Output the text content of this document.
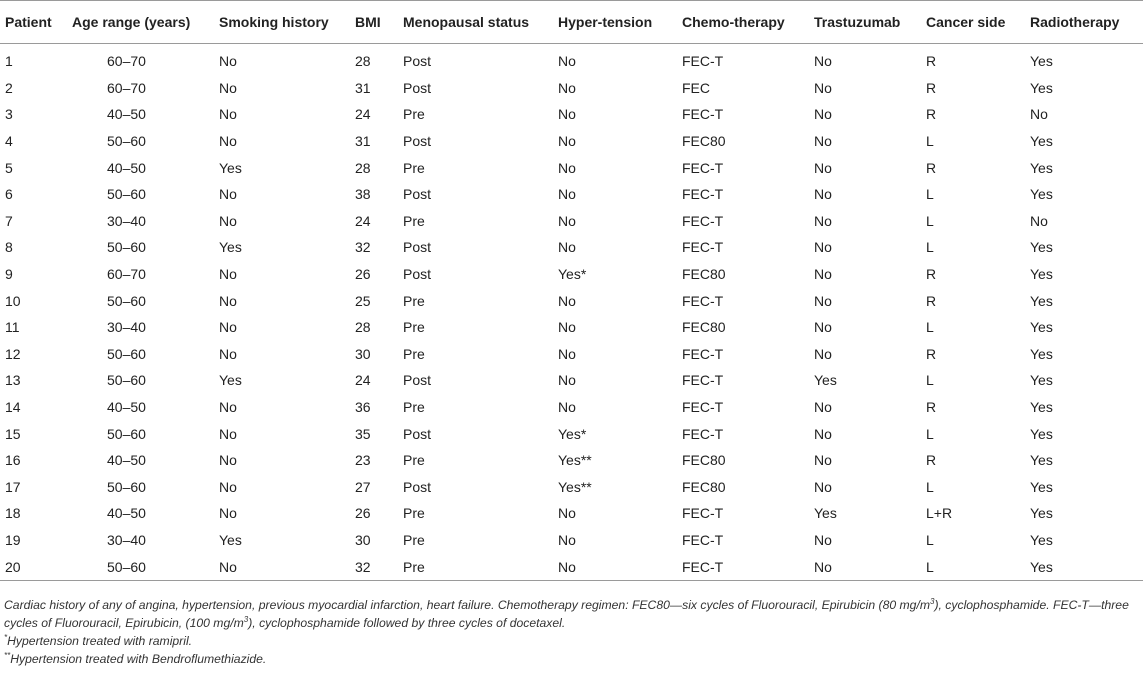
Patient	Age range (years)	Smoking history	BMI	Menopausal status	Hyper-tension	Chemo-therapy	Trastuzumab	Cancer side	Radiotherapy
1	60–70	No	28	Post	No	FEC-T	No	R	Yes
2	60–70	No	31	Post	No	FEC	No	R	Yes
3	40–50	No	24	Pre	No	FEC-T	No	R	No
4	50–60	No	31	Post	No	FEC80	No	L	Yes
5	40–50	Yes	28	Pre	No	FEC-T	No	R	Yes
6	50–60	No	38	Post	No	FEC-T	No	L	Yes
7	30–40	No	24	Pre	No	FEC-T	No	L	No
8	50–60	Yes	32	Post	No	FEC-T	No	L	Yes
9	60–70	No	26	Post	Yes*	FEC80	No	R	Yes
10	50–60	No	25	Pre	No	FEC-T	No	R	Yes
11	30–40	No	28	Pre	No	FEC80	No	L	Yes
12	50–60	No	30	Pre	No	FEC-T	No	R	Yes
13	50–60	Yes	24	Post	No	FEC-T	Yes	L	Yes
14	40–50	No	36	Pre	No	FEC-T	No	R	Yes
15	50–60	No	35	Post	Yes*	FEC-T	No	L	Yes
16	40–50	No	23	Pre	Yes**	FEC80	No	R	Yes
17	50–60	No	27	Post	Yes**	FEC80	No	L	Yes
18	40–50	No	26	Pre	No	FEC-T	Yes	L+R	Yes
19	30–40	Yes	30	Pre	No	FEC-T	No	L	Yes
20	50–60	No	32	Pre	No	FEC-T	No	L	Yes

Cardiac history of any of angina, hypertension, previous myocardial infarction, heart failure. Chemotherapy regimen: FEC80—six cycles of Fluorouracil, Epirubicin (80 $mg/m^3$), cyclophosphamide. FEC-T—three cycles of Fluorouracil, Epirubicin, (100 $mg/m^3$), cyclophosphamide followed by three cycles of docetaxel.

*Hypertension treated with ramipril.

**Hypertension treated with Bendroflumethiazide.
